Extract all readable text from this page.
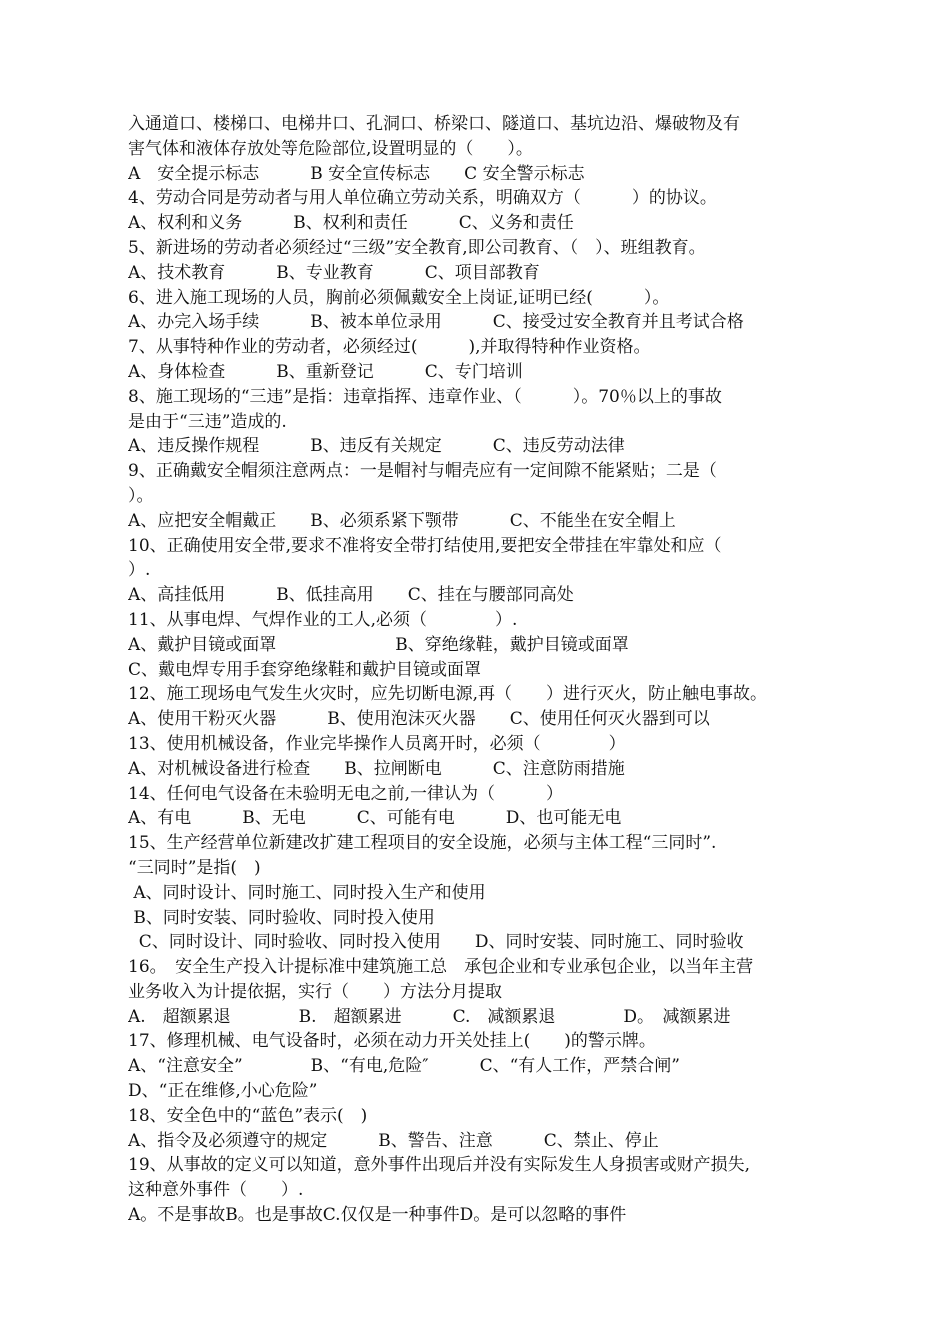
入通道口、楼梯口、电梯井口、孔洞口、桥梁口、隧道口、基坑边沿、爆破物及有
害气体和液体存放处等危险部位,设置明显的（　　）。
A　安全提示标志　　　B 安全宣传标志　　C 安全警示标志
4、劳动合同是劳动者与用人单位确立劳动关系，明确双方（　　　）的协议。
A、权利和义务　　　B、权利和责任　　　C、义务和责任
5、新进场的劳动者必须经过“三级”安全教育,即公司教育、（　）、班组教育。
A、技术教育　　　B、专业教育　　　C、项目部教育
6、进入施工现场的人员，胸前必须佩戴安全上岗证,证明已经(　　　）。
A、办完入场手续　　　B、被本单位录用　　　C、接受过安全教育并且考试合格
7、从事特种作业的劳动者，必须经过(　　　),并取得特种作业资格。
A、身体检查　　　B、重新登记　　　C、专门培训
8、施工现场的“三违”是指：违章指挥、违章作业、（　　　）。70％以上的事故
是由于“三违”造成的.
A、违反操作规程　　　B、违反有关规定　　　C、违反劳动法律
9、正确戴安全帽须注意两点：一是帽衬与帽壳应有一定间隙不能紧贴；二是（
）。
A、应把安全帽戴正　　B、必须系紧下颚带　　　C、不能坐在安全帽上
10、正确使用安全带,要求不准将安全带打结使用,要把安全带挂在牢靠处和应（
）.
A、高挂低用　　　B、低挂高用　　C、挂在与腰部同高处
11、从事电焊、气焊作业的工人,必须（　　　　）.
A、戴护目镜或面罩　　　　　　　B、穿绝缘鞋，戴护目镜或面罩
C、戴电焊专用手套穿绝缘鞋和戴护目镜或面罩
12、施工现场电气发生火灾时，应先切断电源,再（　　）进行灭火，防止触电事故。
A、使用干粉灭火器　　　B、使用泡沫灭火器　　C、使用任何灭火器到可以
13、使用机械设备，作业完毕操作人员离开时，必须（　　　　）
A、对机械设备进行检查　　B、拉闸断电　　　C、注意防雨措施
14、任何电气设备在未验明无电之前,一律认为（　　　）
A、有电　　　B、无电　　　C、可能有电　　　D、也可能无电
15、生产经营单位新建改扩建工程项目的安全设施，必须与主体工程“三同时”.
“三同时”是指(　)
A、同时设计、同时施工、同时投入生产和使用
B、同时安装、同时验收、同时投入使用
C、同时设计、同时验收、同时投入使用　　D、同时安装、同时施工、同时验收
16。　安全生产投入计提标准中建筑施工总　承包企业和专业承包企业，以当年主营
业务收入为计提依据，实行（　　）方法分月提取
A.　超额累退　　　　B.　超额累进　　　C.　减额累退　　　　D。　减额累进
17、修理机械、电气设备时，必须在动力开关处挂上(　　)的警示牌。
A、“注意安全”　　　　B、“有电,危险″　　　C、“有人工作，严禁合闸”
D、“正在维修,小心危险”
18、安全色中的“蓝色”表示(　)
A、指令及必须遵守的规定　　　B、警告、注意　　　C、禁止、停止
19、从事故的定义可以知道，意外事件出现后并没有实际发生人身损害或财产损失,
这种意外事件（　　）.
A。不是事故B。也是事故C.仅仅是一种事件D。是可以忽略的事件
